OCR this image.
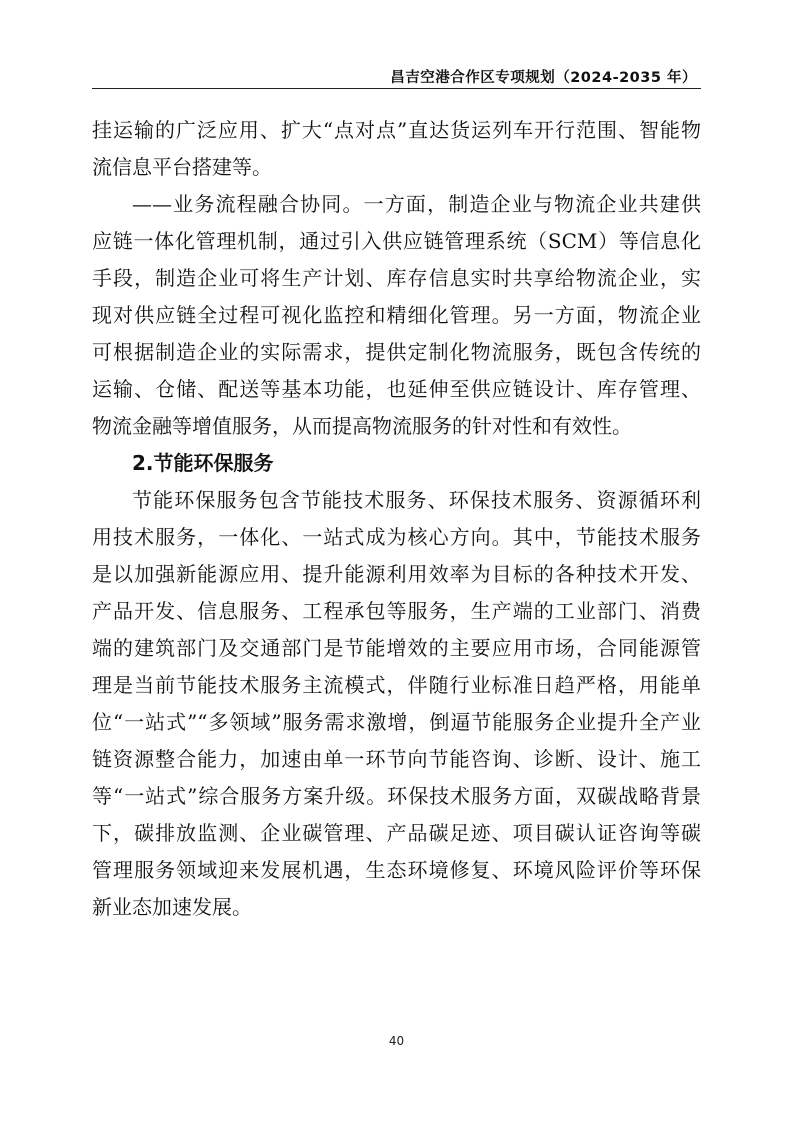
昌吉空港合作区专项规划（2024-2035 年）
挂运输的广泛应用、扩大“点对点”直达货运列车开行范围、智能物
流信息平台搭建等。
——业务流程融合协同。一方面，制造企业与物流企业共建供
应链一体化管理机制，通过引入供应链管理系统（SCM）等信息化
手段，制造企业可将生产计划、库存信息实时共享给物流企业，实
现对供应链全过程可视化监控和精细化管理。另一方面，物流企业
可根据制造企业的实际需求，提供定制化物流服务，既包含传统的
运输、仓储、配送等基本功能，也延伸至供应链设计、库存管理、
物流金融等增值服务，从而提高物流服务的针对性和有效性。
2.节能环保服务
节能环保服务包含节能技术服务、环保技术服务、资源循环利
用技术服务，一体化、一站式成为核心方向。其中，节能技术服务
是以加强新能源应用、提升能源利用效率为目标的各种技术开发、
产品开发、信息服务、工程承包等服务，生产端的工业部门、消费
端的建筑部门及交通部门是节能增效的主要应用市场，合同能源管
理是当前节能技术服务主流模式，伴随行业标准日趋严格，用能单
位“一站式”“多领域”服务需求激增，倒逼节能服务企业提升全产业
链资源整合能力，加速由单一环节向节能咨询、诊断、设计、施工
等“一站式”综合服务方案升级。环保技术服务方面，双碳战略背景
下，碳排放监测、企业碳管理、产品碳足迹、项目碳认证咨询等碳
管理服务领域迎来发展机遇，生态环境修复、环境风险评价等环保
新业态加速发展。
40
